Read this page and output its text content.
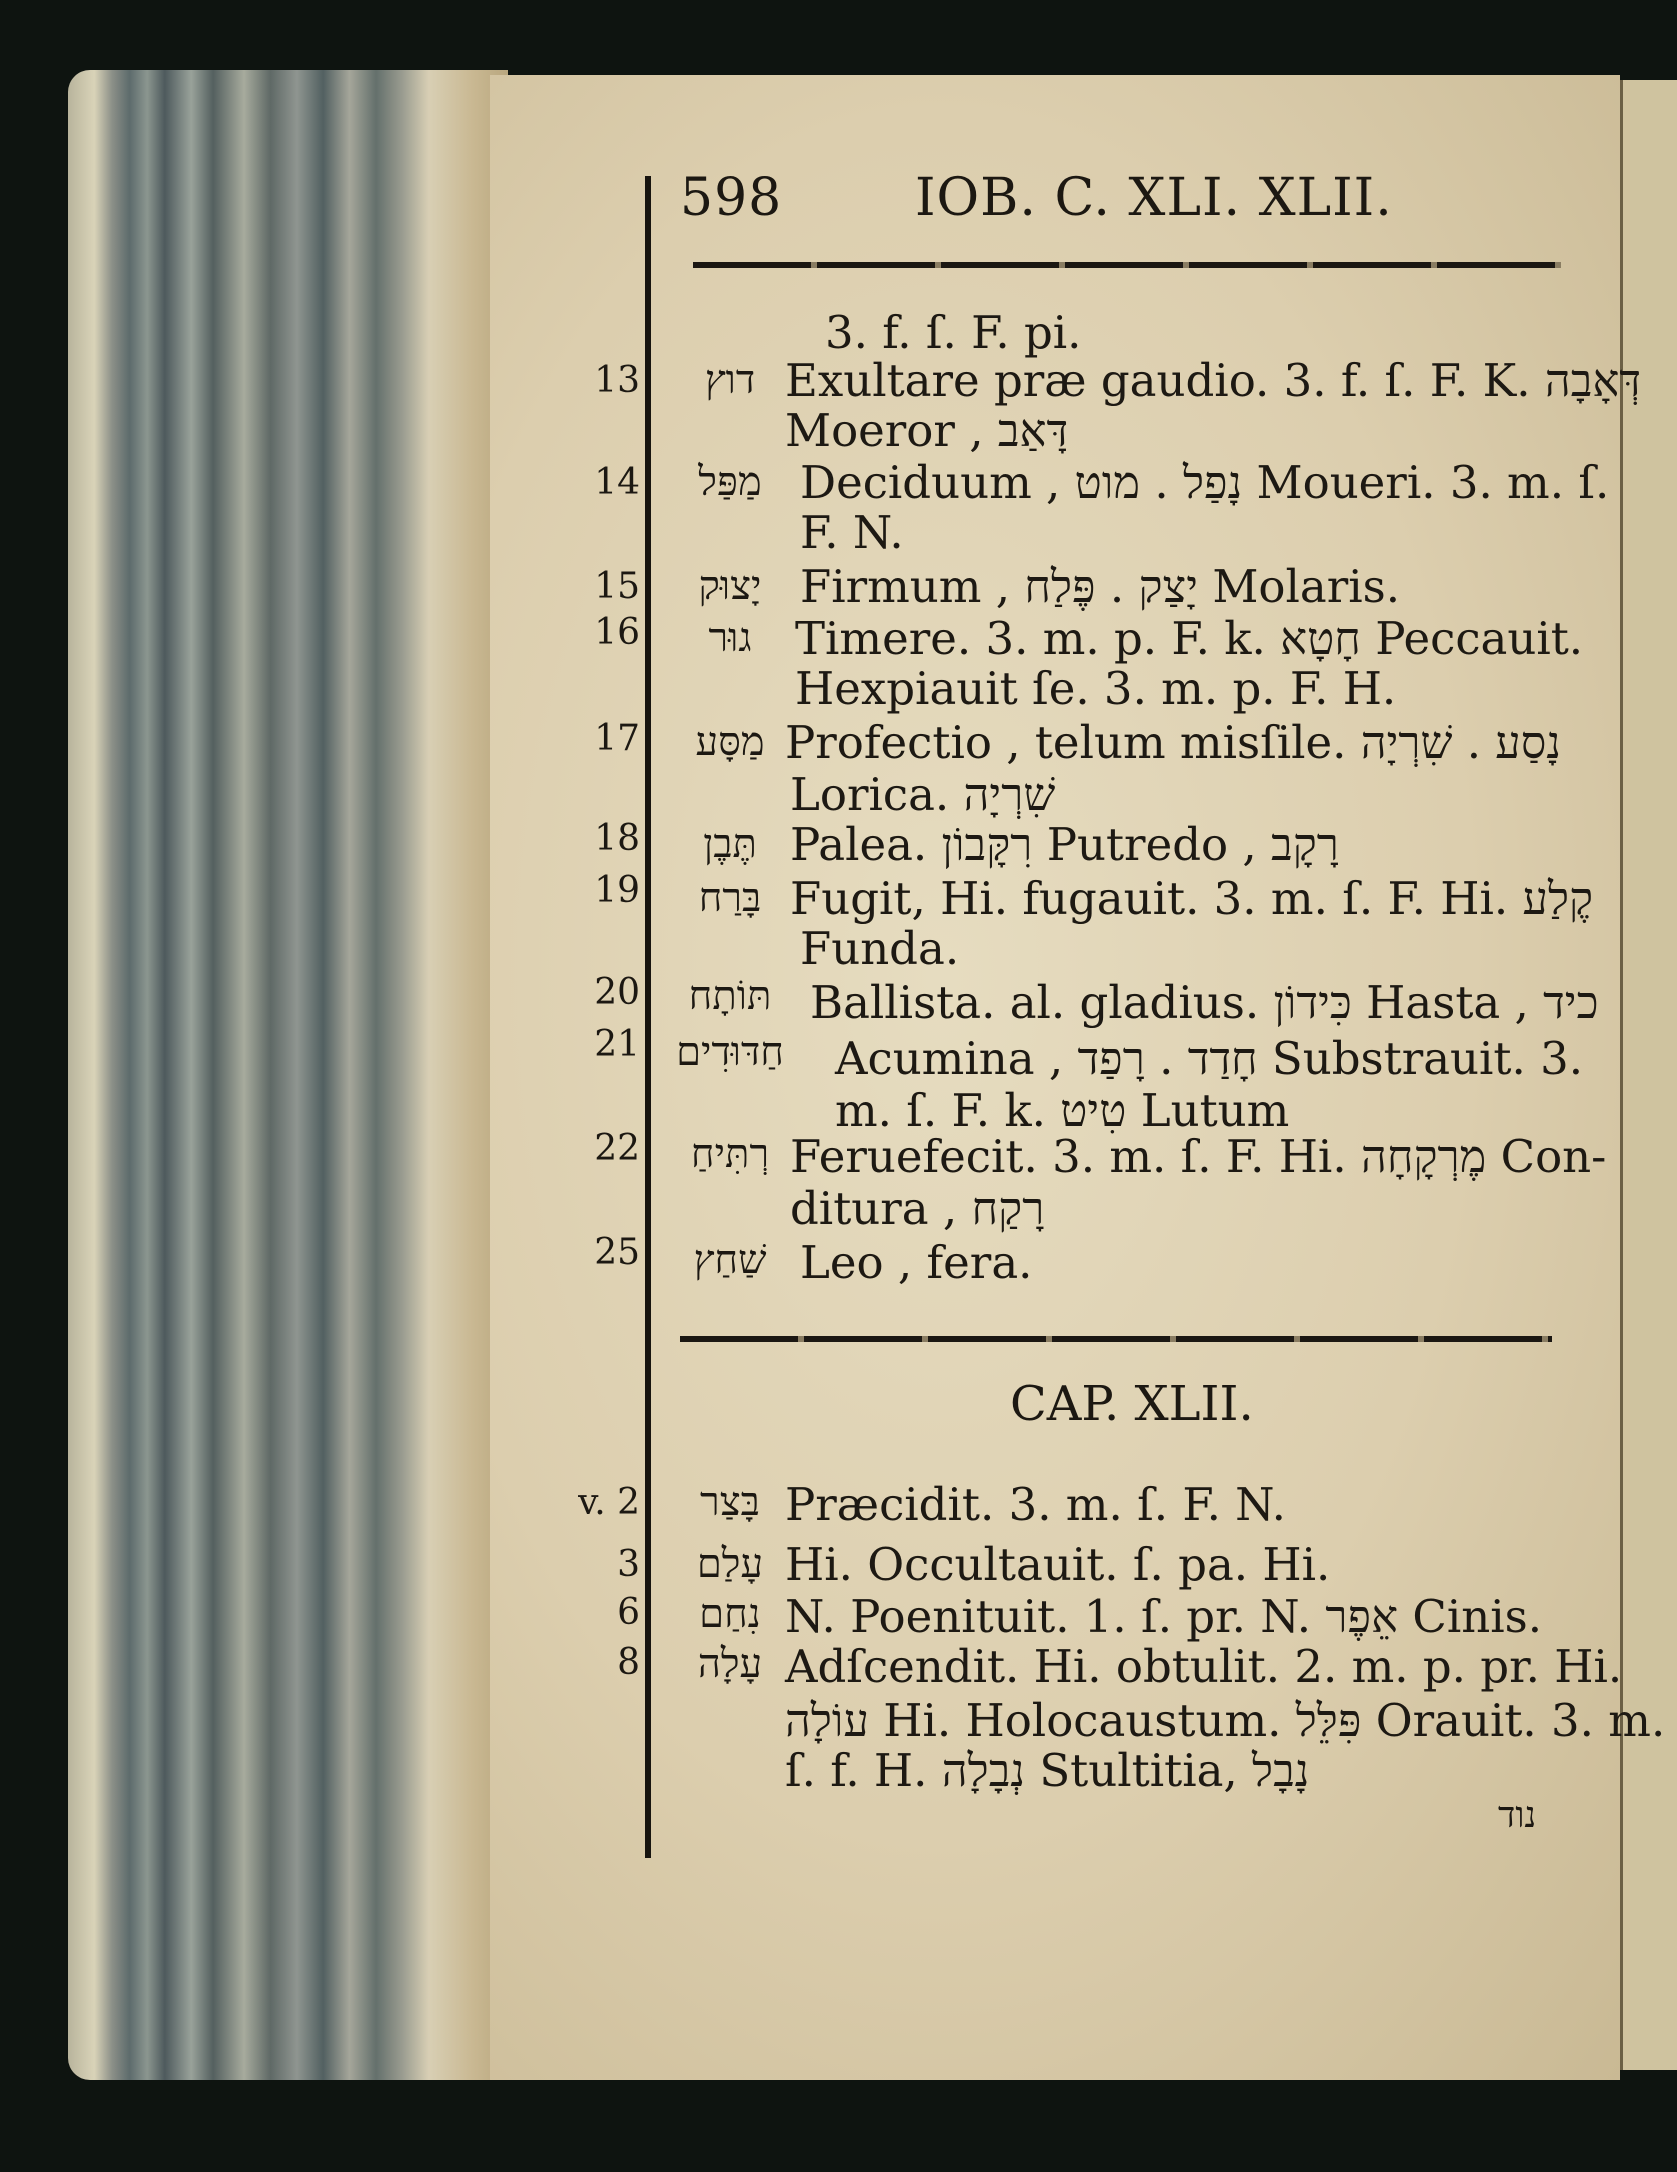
598	IOB. C. XLI. XLII.
CAP. XLII.
נוד
3. f. ſ. F. pi.
13	דוץ Exultare præ gaudio. 3. f. ſ. F. K. דְּאָבָה
Moeror , דָּאַב
14	מַפַּל Deciduum , נָפַל . מוט Moueri. 3. m. ſ.
F. N.
15	יָצוּק Firmum , יָצַק . פֶּלַח Molaris.
16	גוּר Timere. 3. m. p. F. k. חָטָא Peccauit.
Hexpiauit ſe. 3. m. p. F. H.
17	מַסָּע Profectio , telum misſile. נָסַע . שִׁרְיָה
Lorica. שִׁרְיָה
18	תֶּבֶן Palea. רִקָּבוֹן Putredo , רָקָב
19	בָּרַח Fugit, Hi. fugauit. 3. m. ſ. F. Hi. קֶלַע
Funda.
20	תּוֹתָח Ballista. al. gladius. כִּידוֹן Hasta , כיד
21 חַדּוּדִים Acumina , חָדַד . רָפַד Substrauit. 3.
m. ſ. F. k. טִיט Lutum
22	רְתִּיחַ Feruefecit. 3. m. ſ. F. Hi. מֶרְקָחָה Con-
ditura , רָקַח
25	שַׁחַץ Leo , fera.
v. 2	בָּצַר Præcidit. 3. m. ſ. F. N.
3	עָלַם Hi. Occultauit. ſ. pa. Hi.
6	נִחַם N. Poenituit. 1. ſ. pr. N. אֵפֶר Cinis.
8	עָלָה Adſcendit. Hi. obtulit. 2. m. p. pr. Hi.
עוֹלָה Hi. Holocaustum. פִּלֵּל Orauit. 3. m.
ſ. f. H. נְבָלָה Stultitia, נָבָל
